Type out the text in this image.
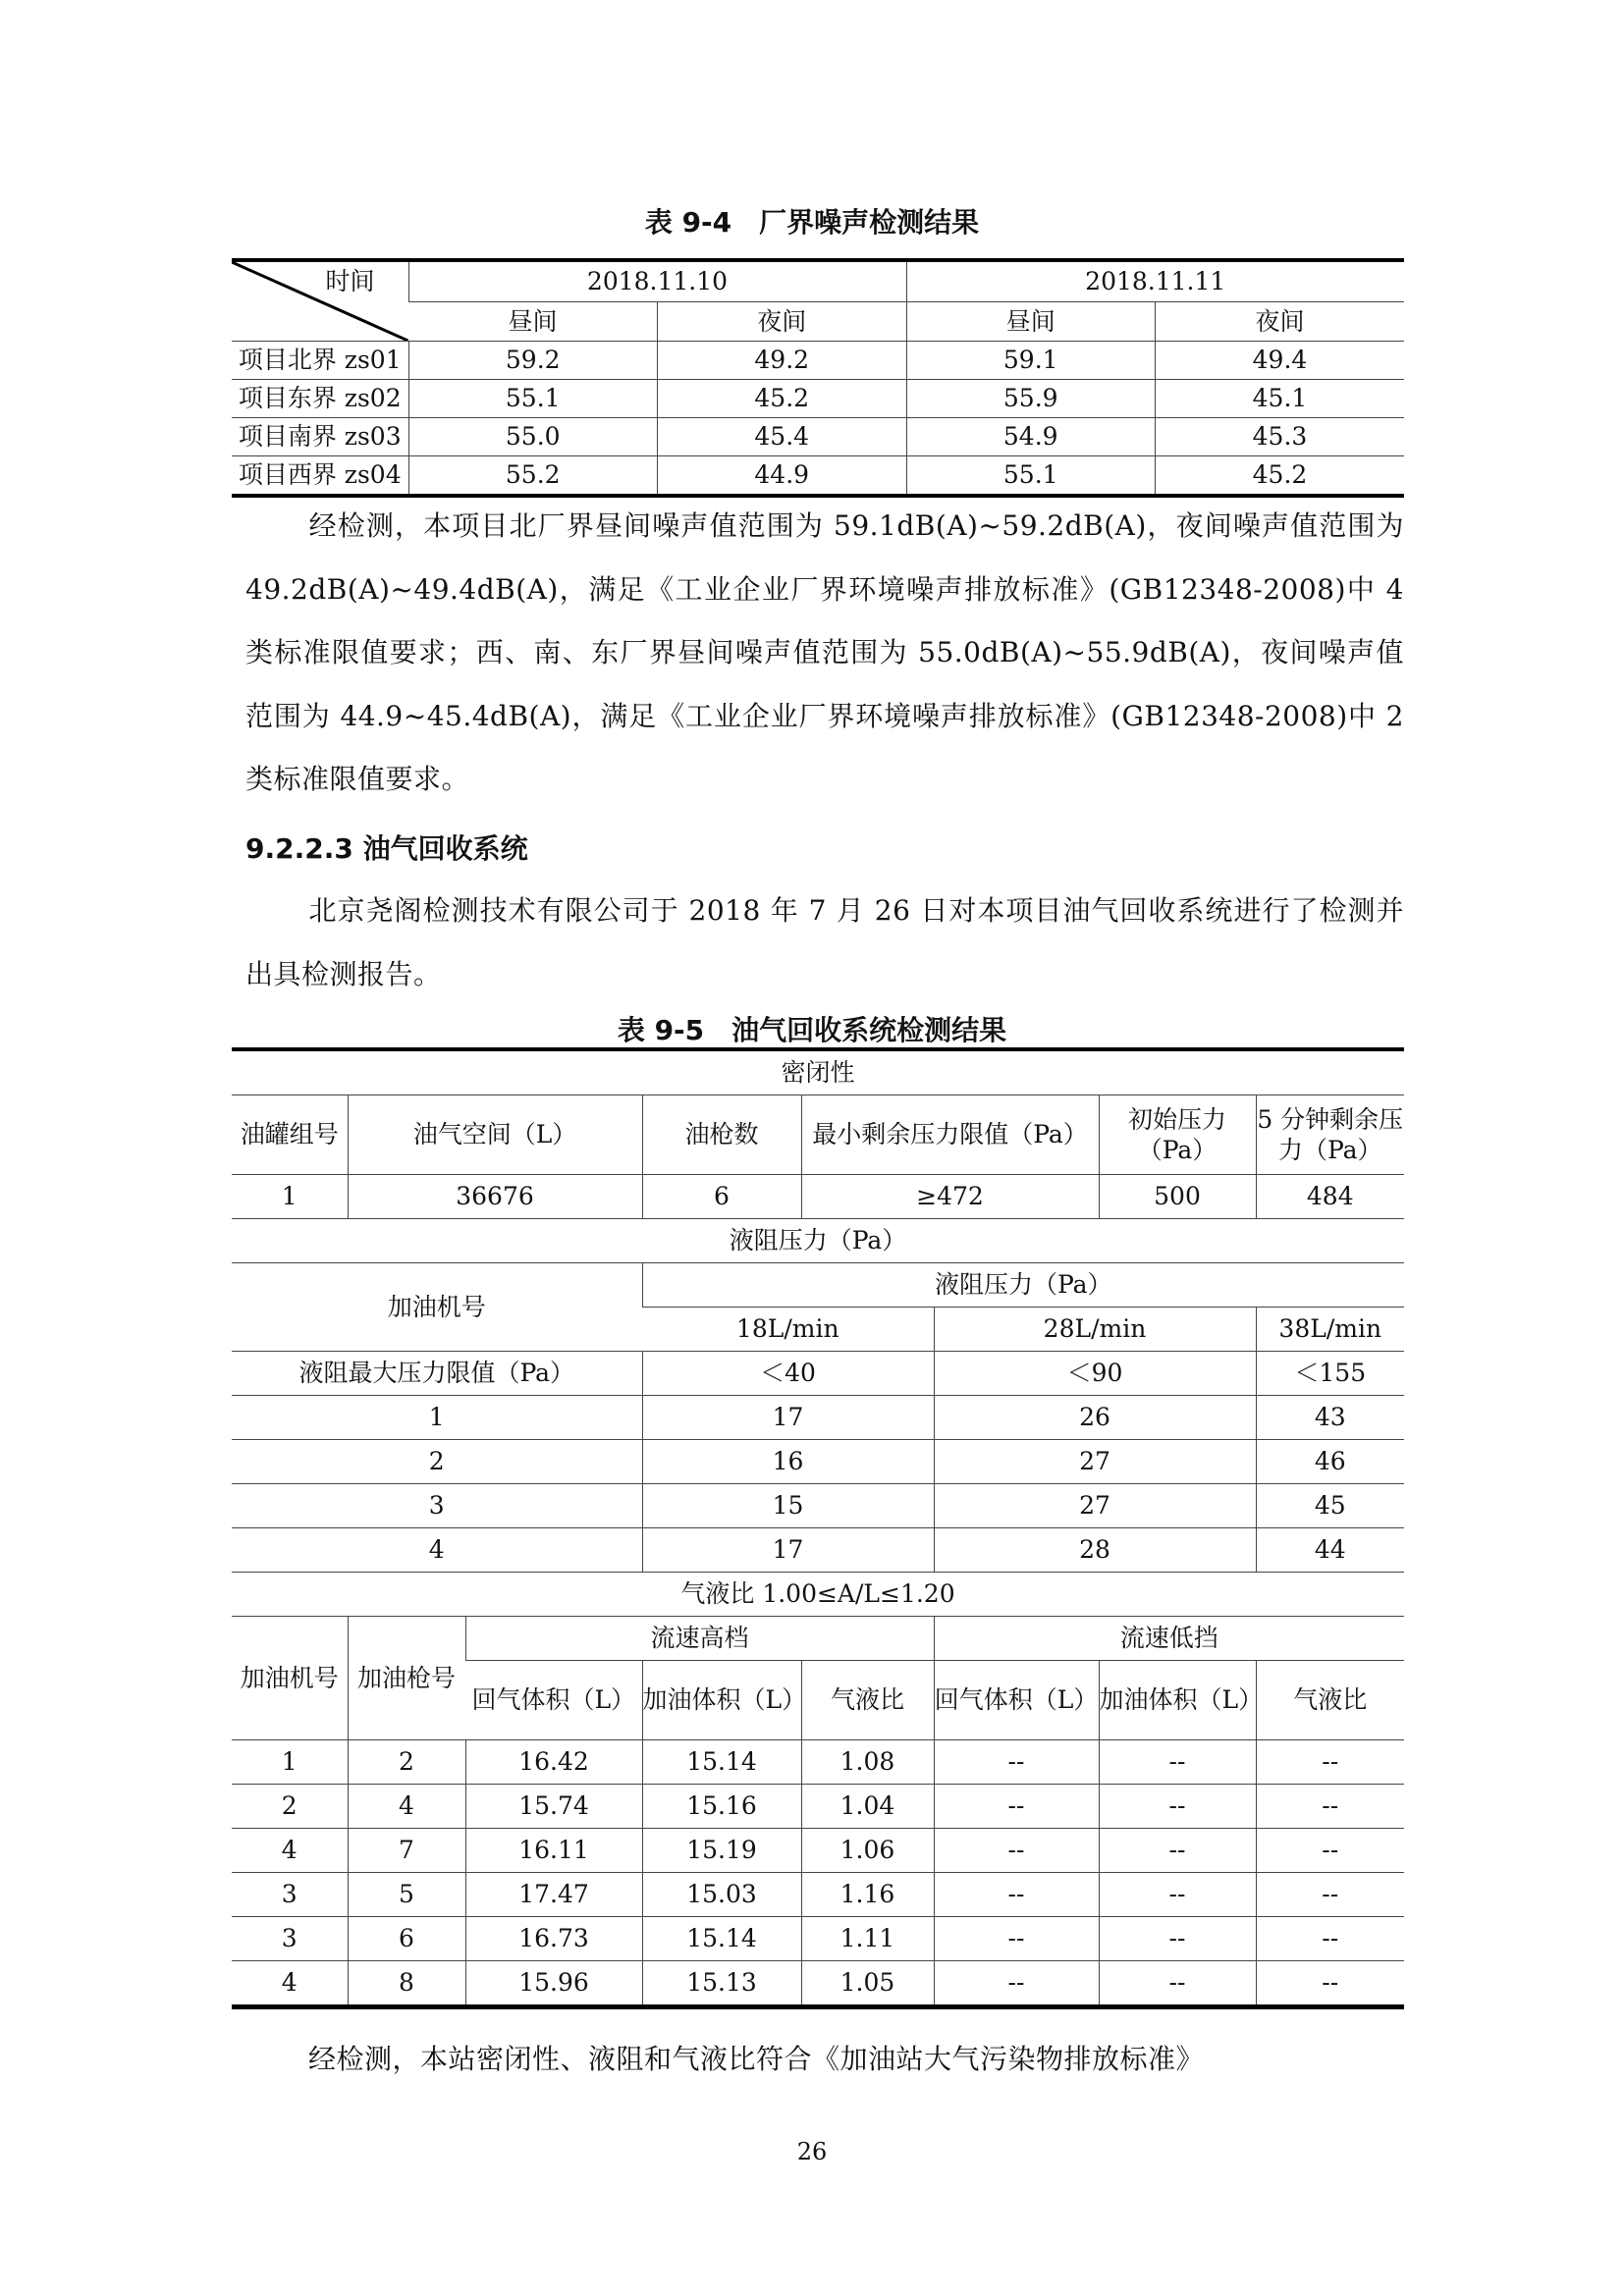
表 9-4　厂界噪声检测结果
时间	2018.11.10		2018.11.11	
	昼间	夜间	昼间	夜间
项目北界 zs01	59.2	49.2	59.1	49.4
项目东界 zs02	55.1	45.2	55.9	45.1
项目南界 zs03	55.0	45.4	54.9	45.3
项目西界 zs04	55.2	44.9	55.1	45.2
经检测，本项目北厂界昼间噪声值范围为 59.1dB(A)~59.2dB(A)，夜间噪声值范围为 49.2dB(A)~49.4dB(A)，满足《工业企业厂界环境噪声排放标准》(GB12348-2008)中 4 类标准限值要求；西、南、东厂界昼间噪声值范围为 55.0dB(A)~55.9dB(A)，夜间噪声值范围为 44.9~45.4dB(A)，满足《工业企业厂界环境噪声排放标准》(GB12348-2008)中 2 类标准限值要求。
9.2.2.3 油气回收系统
北京尧阁检测技术有限公司于 2018 年 7 月 26 日对本项目油气回收系统进行了检测并出具检测报告。
表 9-5　油气回收系统检测结果
密闭性							
油罐组号	油气空间（L）		油枪数	最小剩余压力限值（Pa）		初始压力（Pa）	5 分钟剩余压力（Pa）
1	36676		6	≥472		500	484
液阻压力（Pa）							
加油机号			液阻压力（Pa）				
			18L/min		28L/min		38L/min
液阻最大压力限值（Pa）			＜40		＜90		＜155
1			17		26		43
2			16		27		46
3			15		27		45
4			17		28		44
气液比 1.00≤A/L≤1.20							
加油机号	加油枪号	流速高档			流速低挡		
		回气体积（L）	加油体积（L）	气液比	回气体积（L）	加油体积（L）	气液比
1	2	16.42	15.14	1.08	--	--	--
2	4	15.74	15.16	1.04	--	--	--
4	7	16.11	15.19	1.06	--	--	--
3	5	17.47	15.03	1.16	--	--	--
3	6	16.73	15.14	1.11	--	--	--
4	8	15.96	15.13	1.05	--	--	--
经检测，本站密闭性、液阻和气液比符合《加油站大气污染物排放标准》
26
